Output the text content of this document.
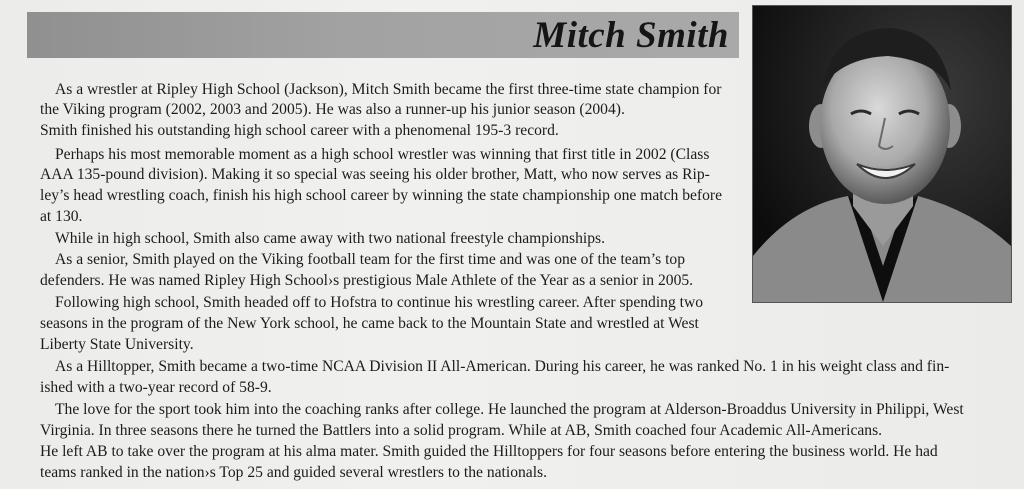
Mitch Smith
As a wrestler at Ripley High School (Jackson), Mitch Smith became the first three-time state champion for
the Viking program (2002, 2003 and 2005). He was also a runner-up his junior season (2004).
Smith finished his outstanding high school career with a phenomenal 195-3 record.
Perhaps his most memorable moment as a high school wrestler was winning that first title in 2002 (Class
AAA 135-pound division). Making it so special was seeing his older brother, Matt, who now serves as Rip-
ley’s head wrestling coach, finish his high school career by winning the state championship one match before
at 130.
While in high school, Smith also came away with two national freestyle championships.
As a senior, Smith played on the Viking football team for the first time and was one of the team’s top
defenders. He was named Ripley High School›s prestigious Male Athlete of the Year as a senior in 2005.
Following high school, Smith headed off to Hofstra to continue his wrestling career. After spending two
seasons in the program of the New York school, he came back to the Mountain State and wrestled at West
Liberty State University.
As a Hilltopper, Smith became a two-time NCAA Division II All-American. During his career, he was ranked No. 1 in his weight class and fin-
ished with a two-year record of 58-9.
The love for the sport took him into the coaching ranks after college. He launched the program at Alderson-Broaddus University in Philippi, West
Virginia. In three seasons there he turned the Battlers into a solid program. While at AB, Smith coached four Academic All-Americans.
He left AB to take over the program at his alma mater. Smith guided the Hilltoppers for four seasons before entering the business world. He had
teams ranked in the nation›s Top 25 and guided several wrestlers to the nationals.
